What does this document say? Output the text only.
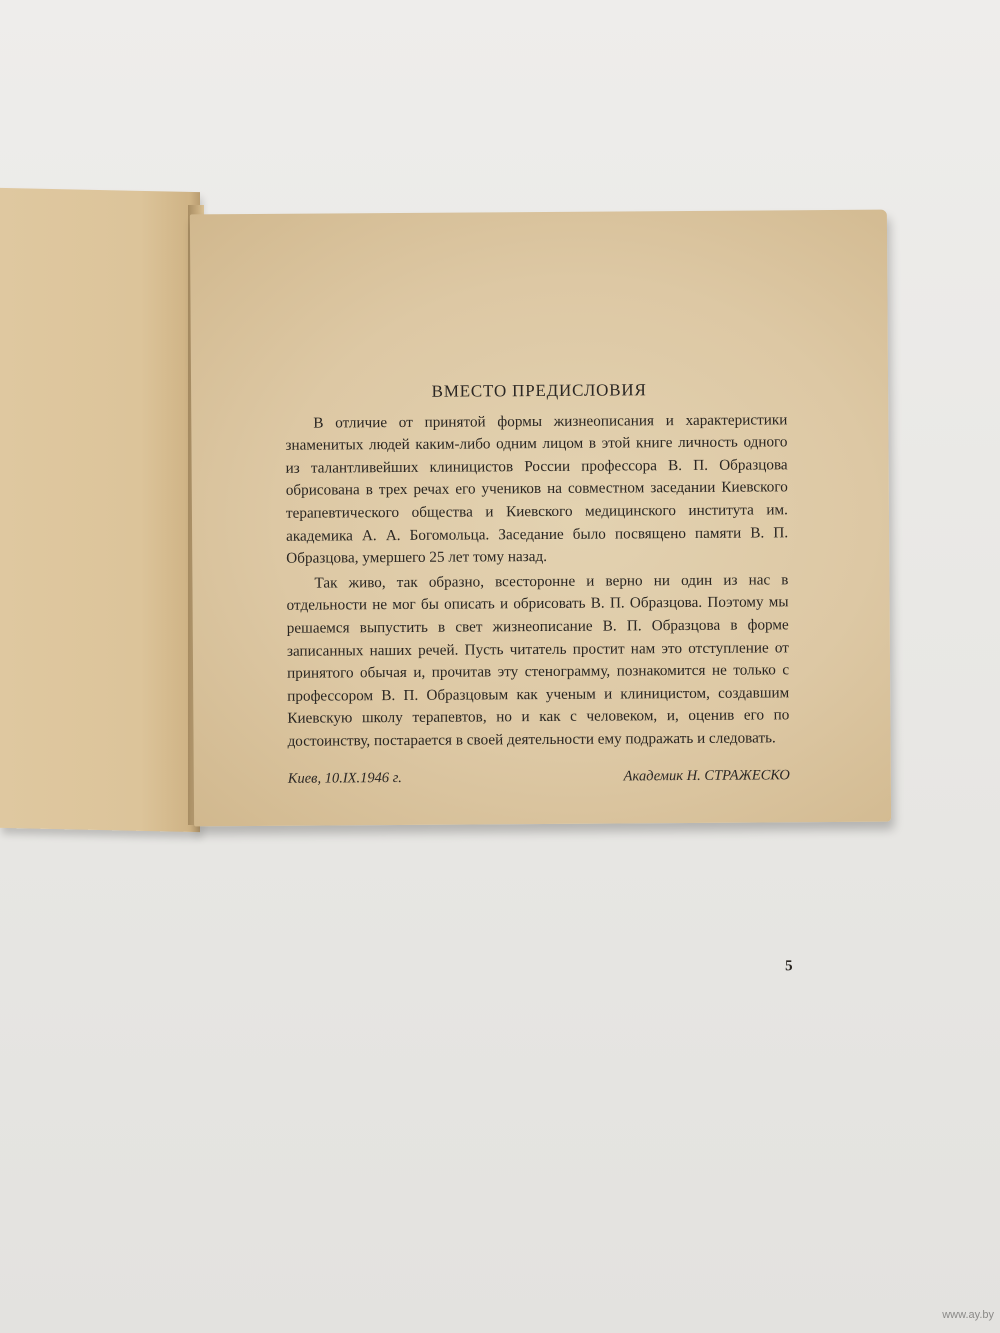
ВМЕСТО ПРЕДИСЛОВИЯ

В отличие от принятой формы жизнеописания и характеристики знаменитых людей каким-либо одним лицом в этой книге личность одного из талантливейших клиницистов России профессора В. П. Образцова обрисована в трех речах его учеников на совместном заседании Киевского терапевтического общества и Киевского медицинского института им. академика А. А. Богомольца. Заседание было посвящено памяти В. П. Образцова, умершего 25 лет тому назад.

Так живо, так образно, всесторонне и верно ни один из нас в отдельности не мог бы описать и обрисовать В. П. Образцова. Поэтому мы решаемся выпустить в свет жизнеописание В. П. Образцова в форме записанных наших речей. Пусть читатель простит нам это отступление от принятого обычая и, прочитав эту стенограмму, познакомится не только с профессором В. П. Образцовым как ученым и клиницистом, создавшим Киевскую школу терапевтов, но и как с человеком, и, оценив его по достоинству, постарается в своей деятельности ему подражать и следовать.

Киев, 10.IX.1946 г.	Академик Н. СТРАЖЕСКО
5
www.ay.by
